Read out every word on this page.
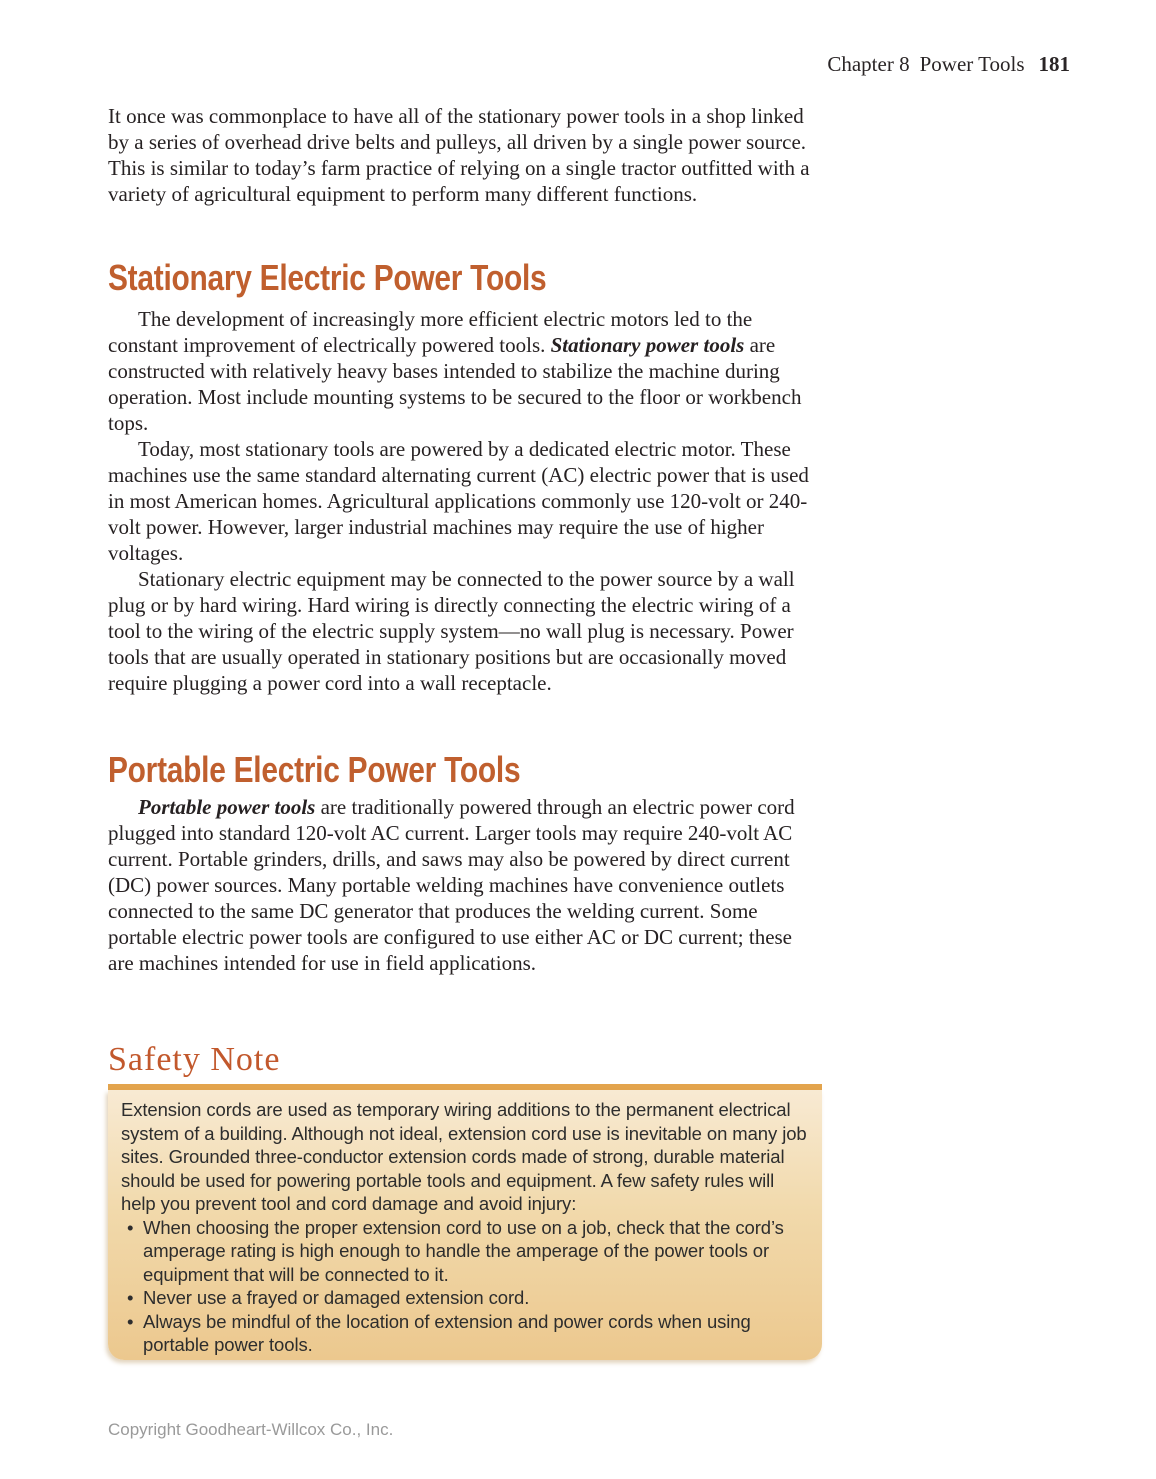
Chapter 8 Power Tools 181

It once was commonplace to have all of the stationary power tools in a shop linked by a series of overhead drive belts and pulleys, all driven by a single power source. This is similar to today’s farm practice of relying on a single tractor outfitted with a variety of agricultural equipment to perform many different functions.

Stationary Electric Power Tools

The development of increasingly more efficient electric motors led to the constant improvement of electrically powered tools. Stationary power tools are constructed with relatively heavy bases intended to stabilize the machine during operation. Most include mounting systems to be secured to the floor or workbench tops.

Today, most stationary tools are powered by a dedicated electric motor. These machines use the same standard alternating current (AC) electric power that is used in most American homes. Agricultural applications commonly use 120-volt or 240-volt power. However, larger industrial machines may require the use of higher voltages.

Stationary electric equipment may be connected to the power source by a wall plug or by hard wiring. Hard wiring is directly connecting the electric wiring of a tool to the wiring of the electric supply system—no wall plug is necessary. Power tools that are usually operated in stationary positions but are occasionally moved require plugging a power cord into a wall receptacle.

Portable Electric Power Tools

Portable power tools are traditionally powered through an electric power cord plugged into standard 120-volt AC current. Larger tools may require 240-volt AC current. Portable grinders, drills, and saws may also be powered by direct current (DC) power sources. Many portable welding machines have convenience outlets connected to the same DC generator that produces the welding current. Some portable electric power tools are configured to use either AC or DC current; these are machines intended for use in field applications.

Safety Note

Extension cords are used as temporary wiring additions to the permanent electrical system of a building. Although not ideal, extension cord use is inevitable on many job sites. Grounded three-conductor extension cords made of strong, durable material should be used for powering portable tools and equipment. A few safety rules will help you prevent tool and cord damage and avoid injury:

• When choosing the proper extension cord to use on a job, check that the cord’s amperage rating is high enough to handle the amperage of the power tools or equipment that will be connected to it.
• Never use a frayed or damaged extension cord.
• Always be mindful of the location of extension and power cords when using portable power tools.
Copyright Goodheart-Willcox Co., Inc.
